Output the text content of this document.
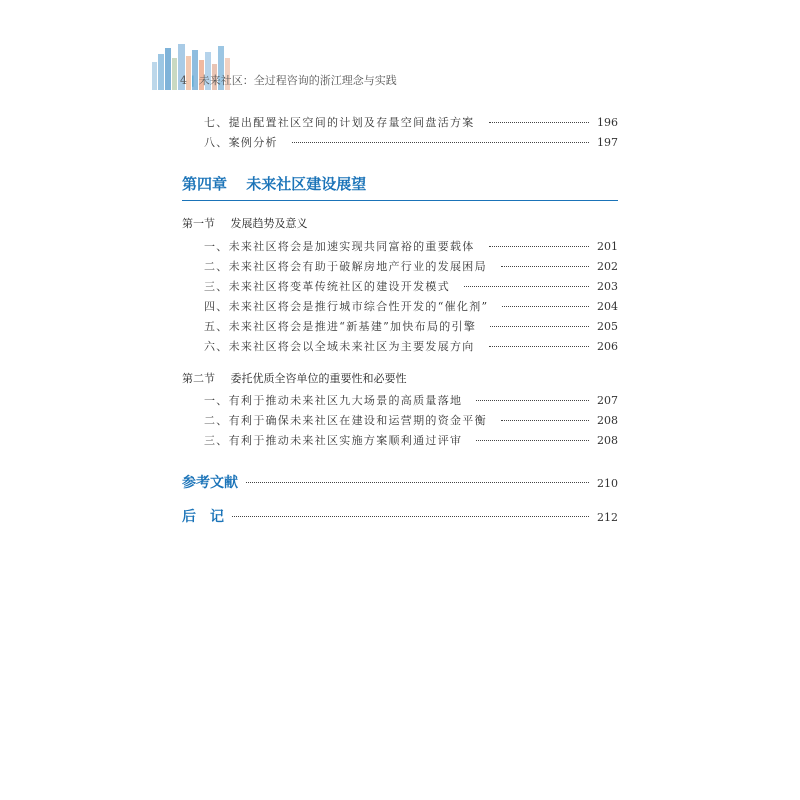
4 | 未来社区：全过程咨询的浙江理念与实践
七、提出配置社区空间的计划及存量空间盘活方案	196
八、案例分析	197
第四章 未来社区建设展望
第一节 发展趋势及意义
一、未来社区将会是加速实现共同富裕的重要载体	201
二、未来社区将会有助于破解房地产行业的发展困局	202
三、未来社区将变革传统社区的建设开发模式	203
四、未来社区将会是推行城市综合性开发的“催化剂”	204
五、未来社区将会是推进“新基建”加快布局的引擎	205
六、未来社区将会以全域未来社区为主要发展方向	206
第二节 委托优质全咨单位的重要性和必要性
一、有利于推动未来社区九大场景的高质量落地	207
二、有利于确保未来社区在建设和运营期的资金平衡	208
三、有利于推动未来社区实施方案顺利通过评审	208
参考文献	210
后　记	212
